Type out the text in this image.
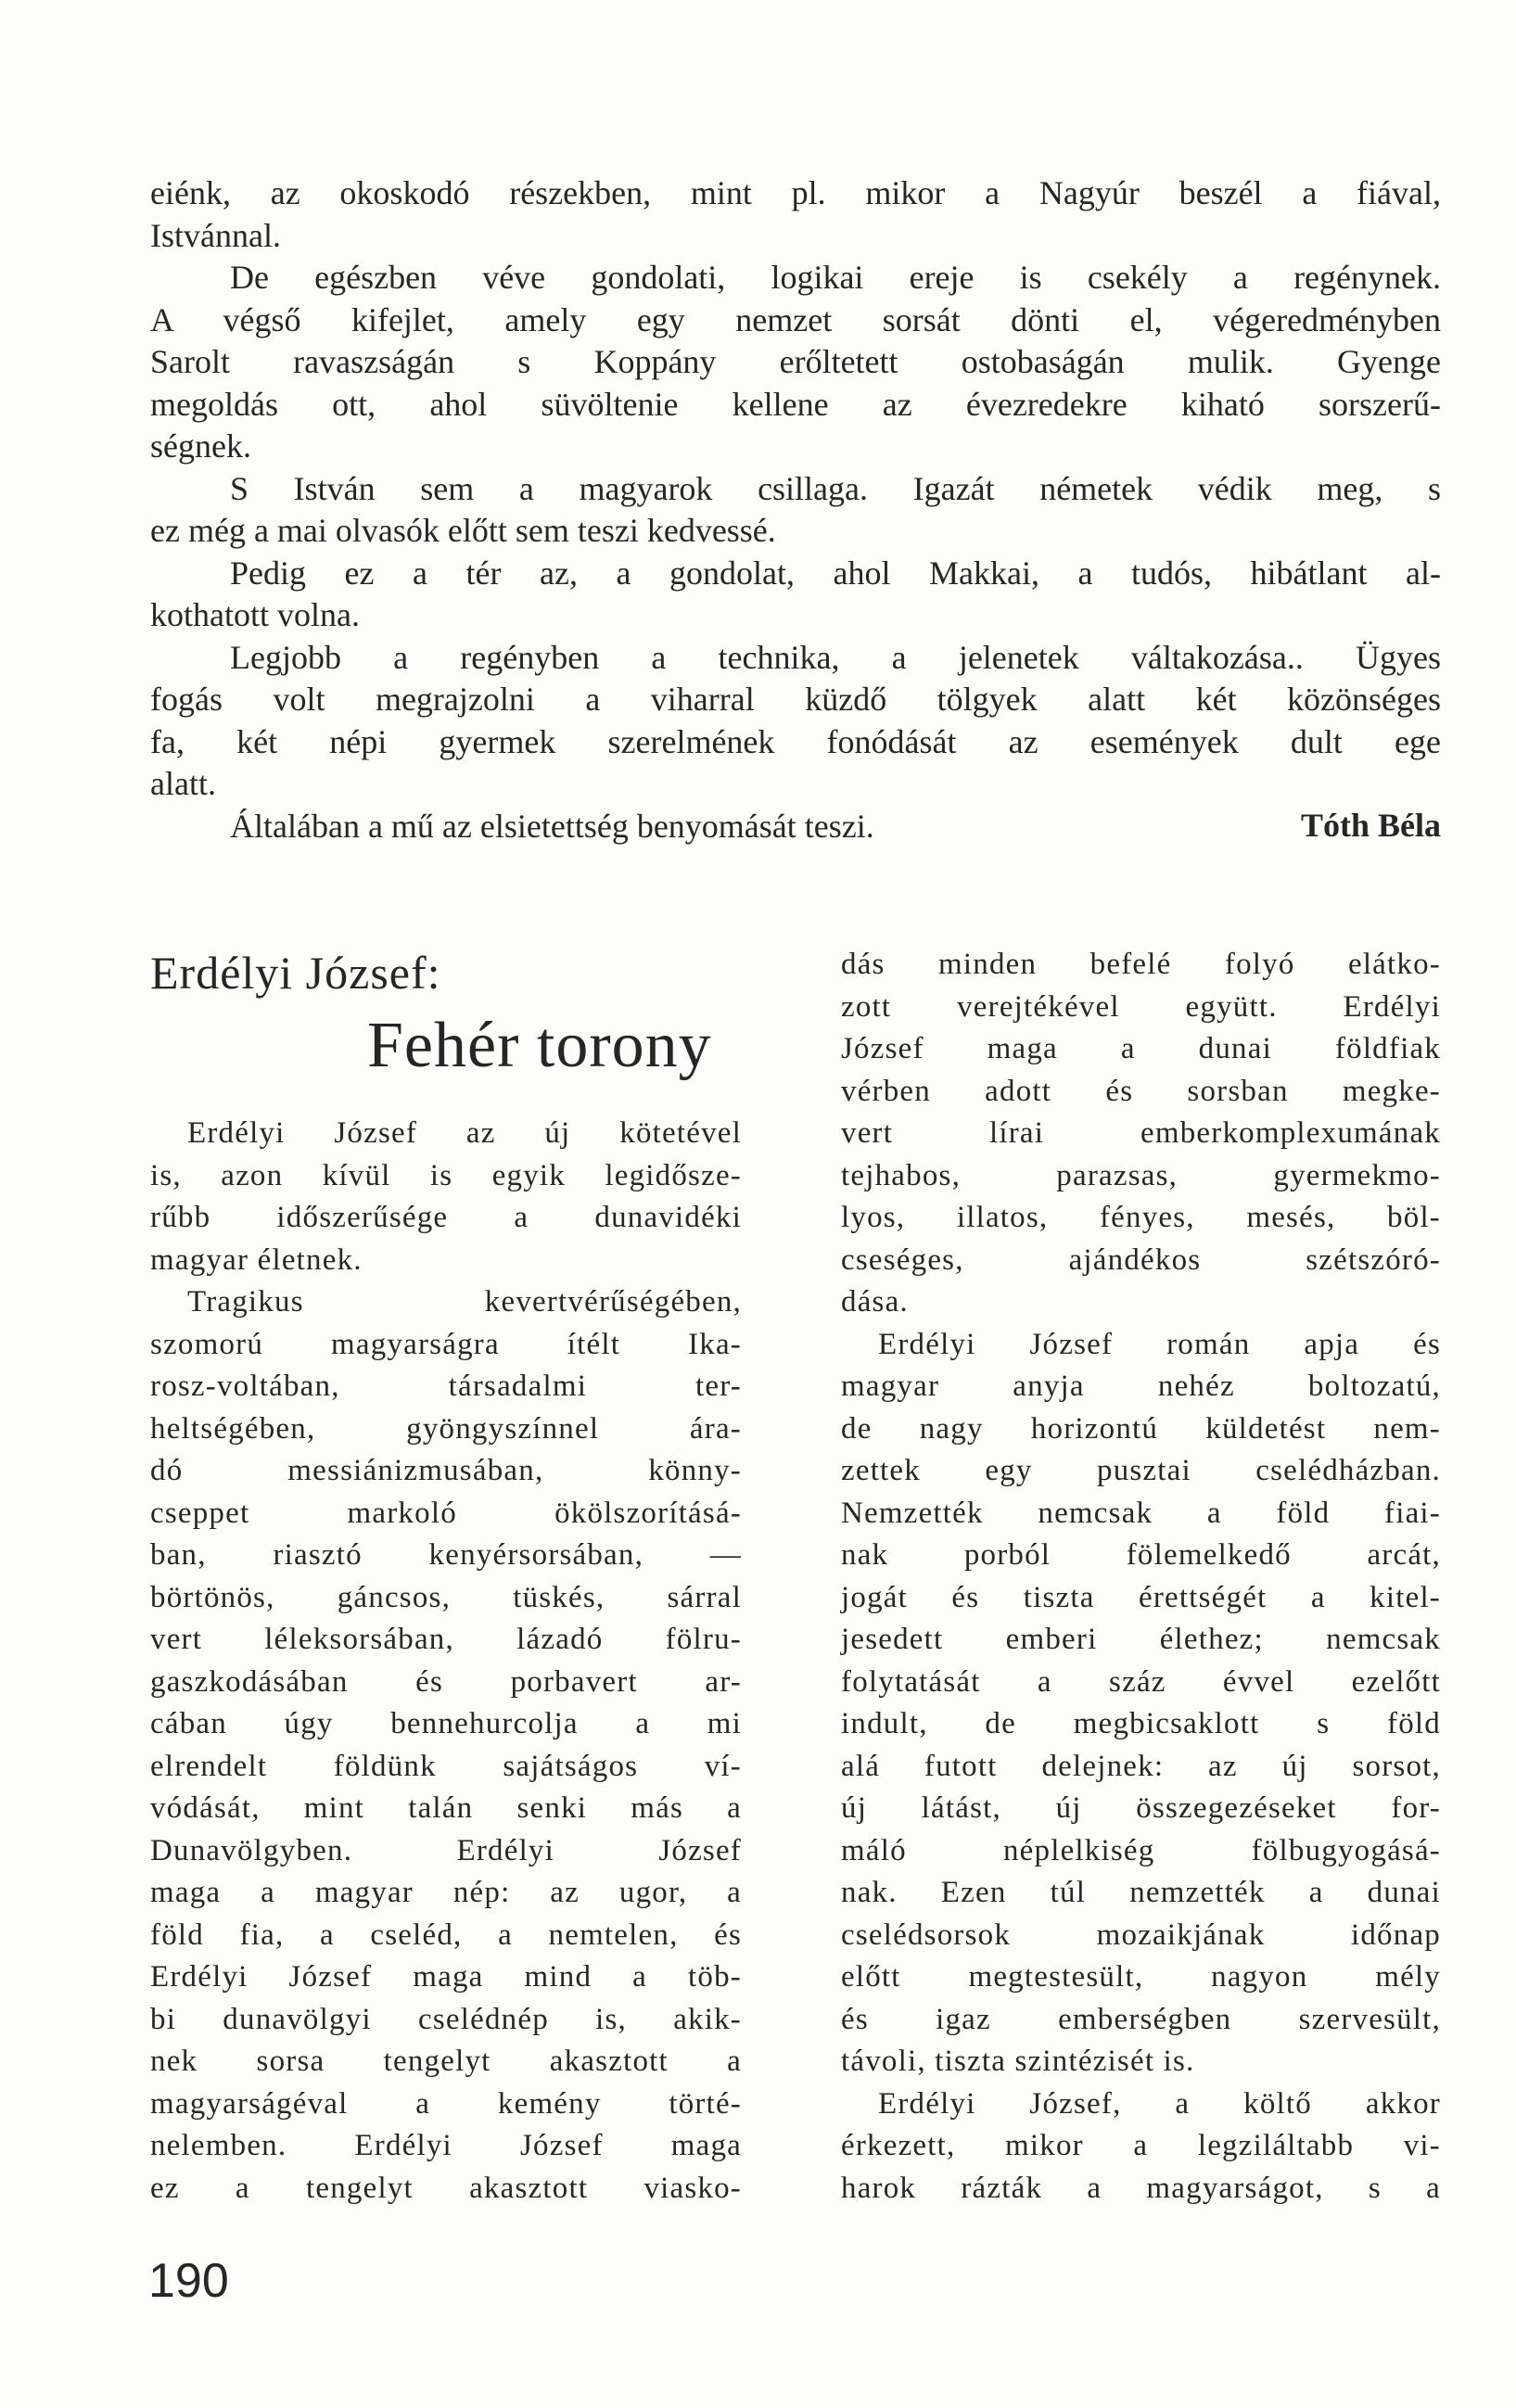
eiénk, az okoskodó részekben, mint pl. mikor a Nagyúr beszél a fiával,
Istvánnal.
De egészben véve gondolati, logikai ereje is csekély a regénynek.
A végső kifejlet, amely egy nemzet sorsát dönti el, végeredményben
Sarolt ravaszságán s Koppány erőltetett ostobaságán mulik. Gyenge
megoldás ott, ahol süvöltenie kellene az évezredekre kiható sorszerű-
ségnek.
S István sem a magyarok csillaga. Igazát németek védik meg, s
ez még a mai olvasók előtt sem teszi kedvessé.
Pedig ez a tér az, a gondolat, ahol Makkai, a tudós, hibátlant al-
kothatott volna.
Legjobb a regényben a technika, a jelenetek váltakozása.. Ügyes
fogás volt megrajzolni a viharral küzdő tölgyek alatt két közönséges
fa, két népi gyermek szerelmének fonódását az események dult ege
alatt.
Általában a mű az elsietettség benyomását teszi.	Tóth Béla
Erdélyi József:
Fehér torony
Erdélyi József az új kötetével
is, azon kívül is egyik legidősze-
rűbb időszerűsége a dunavidéki
magyar életnek.
Tragikus kevertvérűségében,
szomorú magyarságra ítélt Ika-
rosz-voltában, társadalmi ter-
heltségében, gyöngyszínnel ára-
dó messiánizmusában, könny-
cseppet markoló ökölszorításá-
ban, riasztó kenyérsorsában, —
börtönös, gáncsos, tüskés, sárral
vert léleksorsában, lázadó fölru-
gaszkodásában és porbavert ar-
cában úgy bennehurcolja a mi
elrendelt földünk sajátságos ví-
vódását, mint talán senki más a
Dunavölgyben. Erdélyi József
maga a magyar nép: az ugor, a
föld fia, a cseléd, a nemtelen, és
Erdélyi József maga mind a töb-
bi dunavölgyi cselédnép is, akik-
nek sorsa tengelyt akasztott a
magyarságéval a kemény törté-
nelemben. Erdélyi József maga
ez a tengelyt akasztott viasko-
dás minden befelé folyó elátko-
zott verejtékével együtt. Erdélyi
József maga a dunai földfiak
vérben adott és sorsban megke-
vert lírai emberkomplexumának
tejhabos, parazsas, gyermekmo-
lyos, illatos, fényes, mesés, böl-
cseséges, ajándékos szétszóró-
dása.
Erdélyi József román apja és
magyar anyja nehéz boltozatú,
de nagy horizontú küldetést nem-
zettek egy pusztai cselédházban.
Nemzették nemcsak a föld fiai-
nak porból fölemelkedő arcát,
jogát és tiszta érettségét a kitel-
jesedett emberi élethez; nemcsak
folytatását a száz évvel ezelőtt
indult, de megbicsaklott s föld
alá futott delejnek: az új sorsot,
új látást, új összegezéseket for-
máló néplelkiség fölbugyogásá-
nak. Ezen túl nemzették a dunai
cselédsorsok mozaikjának időnap
előtt megtestesült, nagyon mély
és igaz emberségben szervesült,
távoli, tiszta szintézisét is.
Erdélyi József, a költő akkor
érkezett, mikor a legziláltabb vi-
harok rázták a magyarságot, s a
190
